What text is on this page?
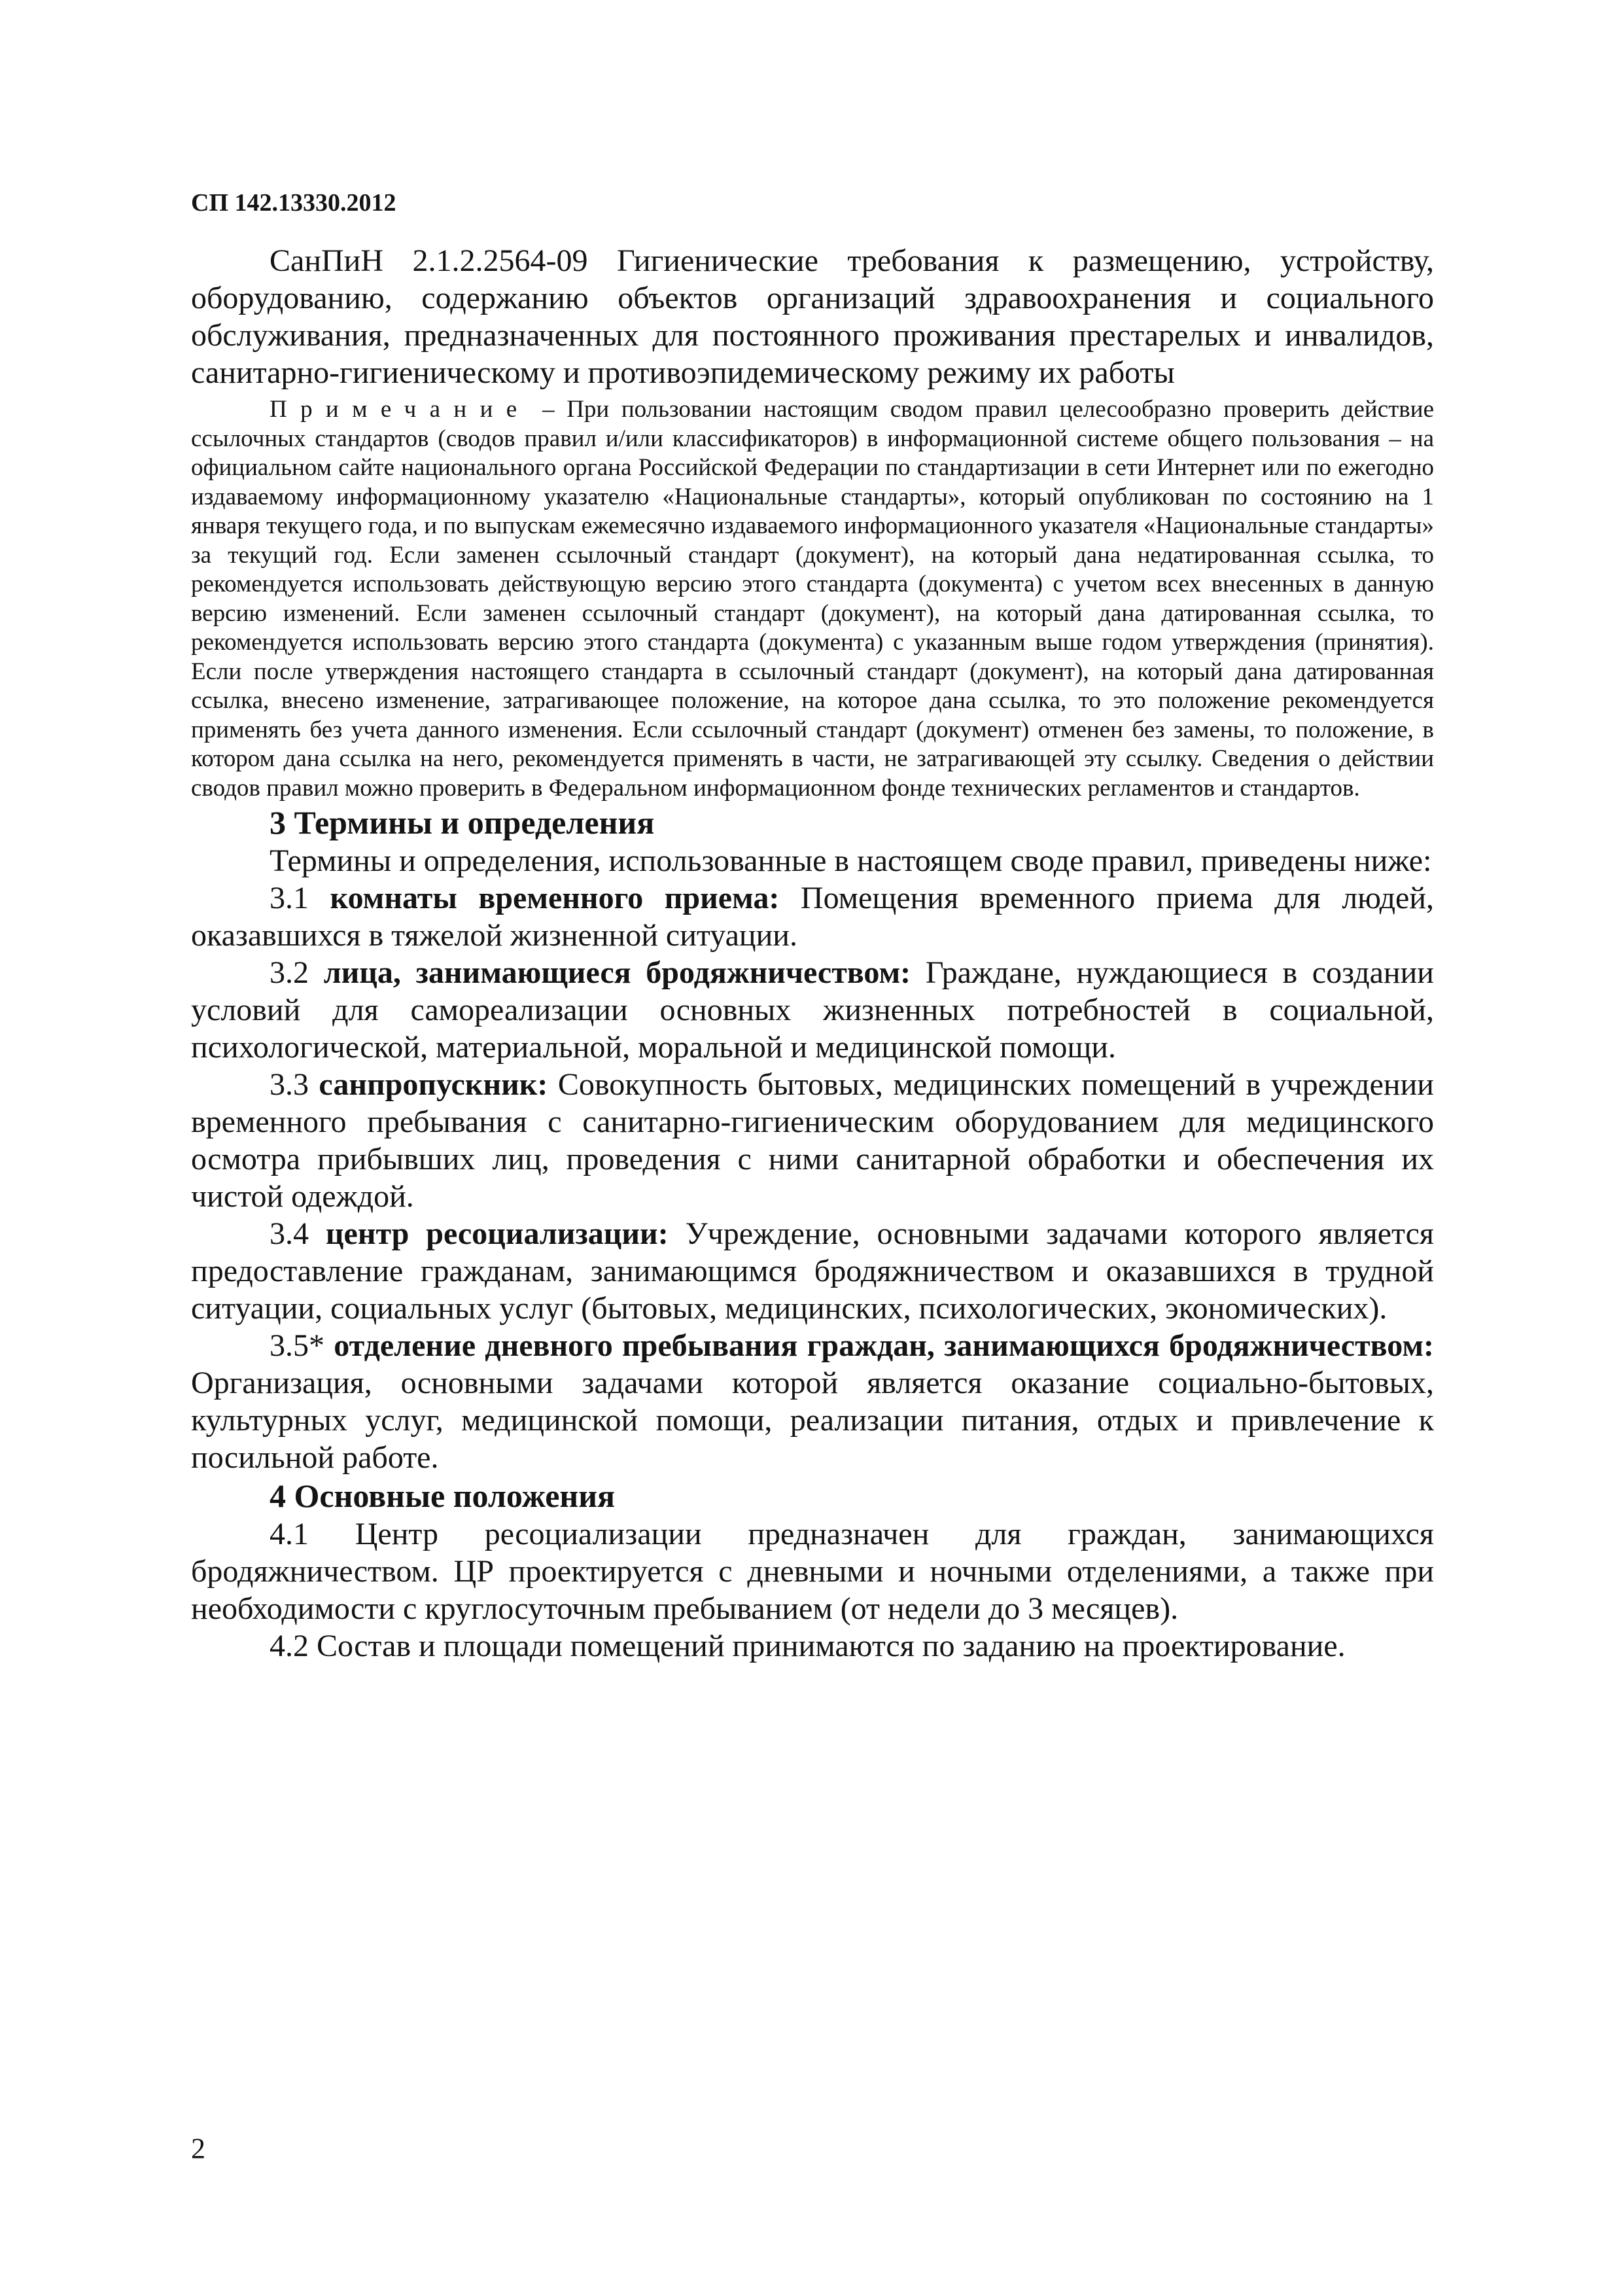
СП 142.13330.2012

СанПиН 2.1.2.2564-09 Гигиенические требования к размещению, устройству, оборудованию, содержанию объектов организаций здравоохранения и социального обслуживания, предназначенных для постоянного проживания престарелых и инвалидов, санитарно-гигиеническому и противоэпидемическому режиму их работы

Примечание – При пользовании настоящим сводом правил целесообразно проверить действие ссылочных стандартов (сводов правил и/или классификаторов) в информационной системе общего пользования – на официальном сайте национального органа Российской Федерации по стандартизации в сети Интернет или по ежегодно издаваемому информационному указателю «Национальные стандарты», который опубликован по состоянию на 1 января текущего года, и по выпускам ежемесячно издаваемого информационного указателя «Национальные стандарты» за текущий год. Если заменен ссылочный стандарт (документ), на который дана недатированная ссылка, то рекомендуется использовать действующую версию этого стандарта (документа) с учетом всех внесенных в данную версию изменений. Если заменен ссылочный стандарт (документ), на который дана датированная ссылка, то рекомендуется использовать версию этого стандарта (документа) с указанным выше годом утверждения (принятия). Если после утверждения настоящего стандарта в ссылочный стандарт (документ), на который дана датированная ссылка, внесено изменение, затрагивающее положение, на которое дана ссылка, то это положение рекомендуется применять без учета данного изменения. Если ссылочный стандарт (документ) отменен без замены, то положение, в котором дана ссылка на него, рекомендуется применять в части, не затрагивающей эту ссылку. Сведения о действии сводов правил можно проверить в Федеральном информационном фонде технических регламентов и стандартов.

3 Термины и определения

Термины и определения, использованные в настоящем своде правил, приведены ниже:

3.1 комнаты временного приема: Помещения временного приема для людей, оказавшихся в тяжелой жизненной ситуации.

3.2 лица, занимающиеся бродяжничеством: Граждане, нуждающиеся в создании условий для самореализации основных жизненных потребностей в социальной, психологической, материальной, моральной и медицинской помощи.

3.3 санпропускник: Совокупность бытовых, медицинских помещений в учреждении временного пребывания с санитарно-гигиеническим оборудованием для медицинского осмотра прибывших лиц, проведения с ними санитарной обработки и обеспечения их чистой одеждой.

3.4 центр ресоциализации: Учреждение, основными задачами которого является предоставление гражданам, занимающимся бродяжничеством и оказавшихся в трудной ситуации, социальных услуг (бытовых, медицинских, психологических, экономических).

3.5* отделение дневного пребывания граждан, занимающихся бродяжничеством: Организация, основными задачами которой является оказание социально-бытовых, культурных услуг, медицинской помощи, реализации питания, отдых и привлечение к посильной работе.

4 Основные положения

4.1 Центр ресоциализации предназначен для граждан, занимающихся бродяжничеством. ЦР проектируется с дневными и ночными отделениями, а также при необходимости с круглосуточным пребыванием (от недели до 3 месяцев).

4.2 Состав и площади помещений принимаются по заданию на проектирование.

2
